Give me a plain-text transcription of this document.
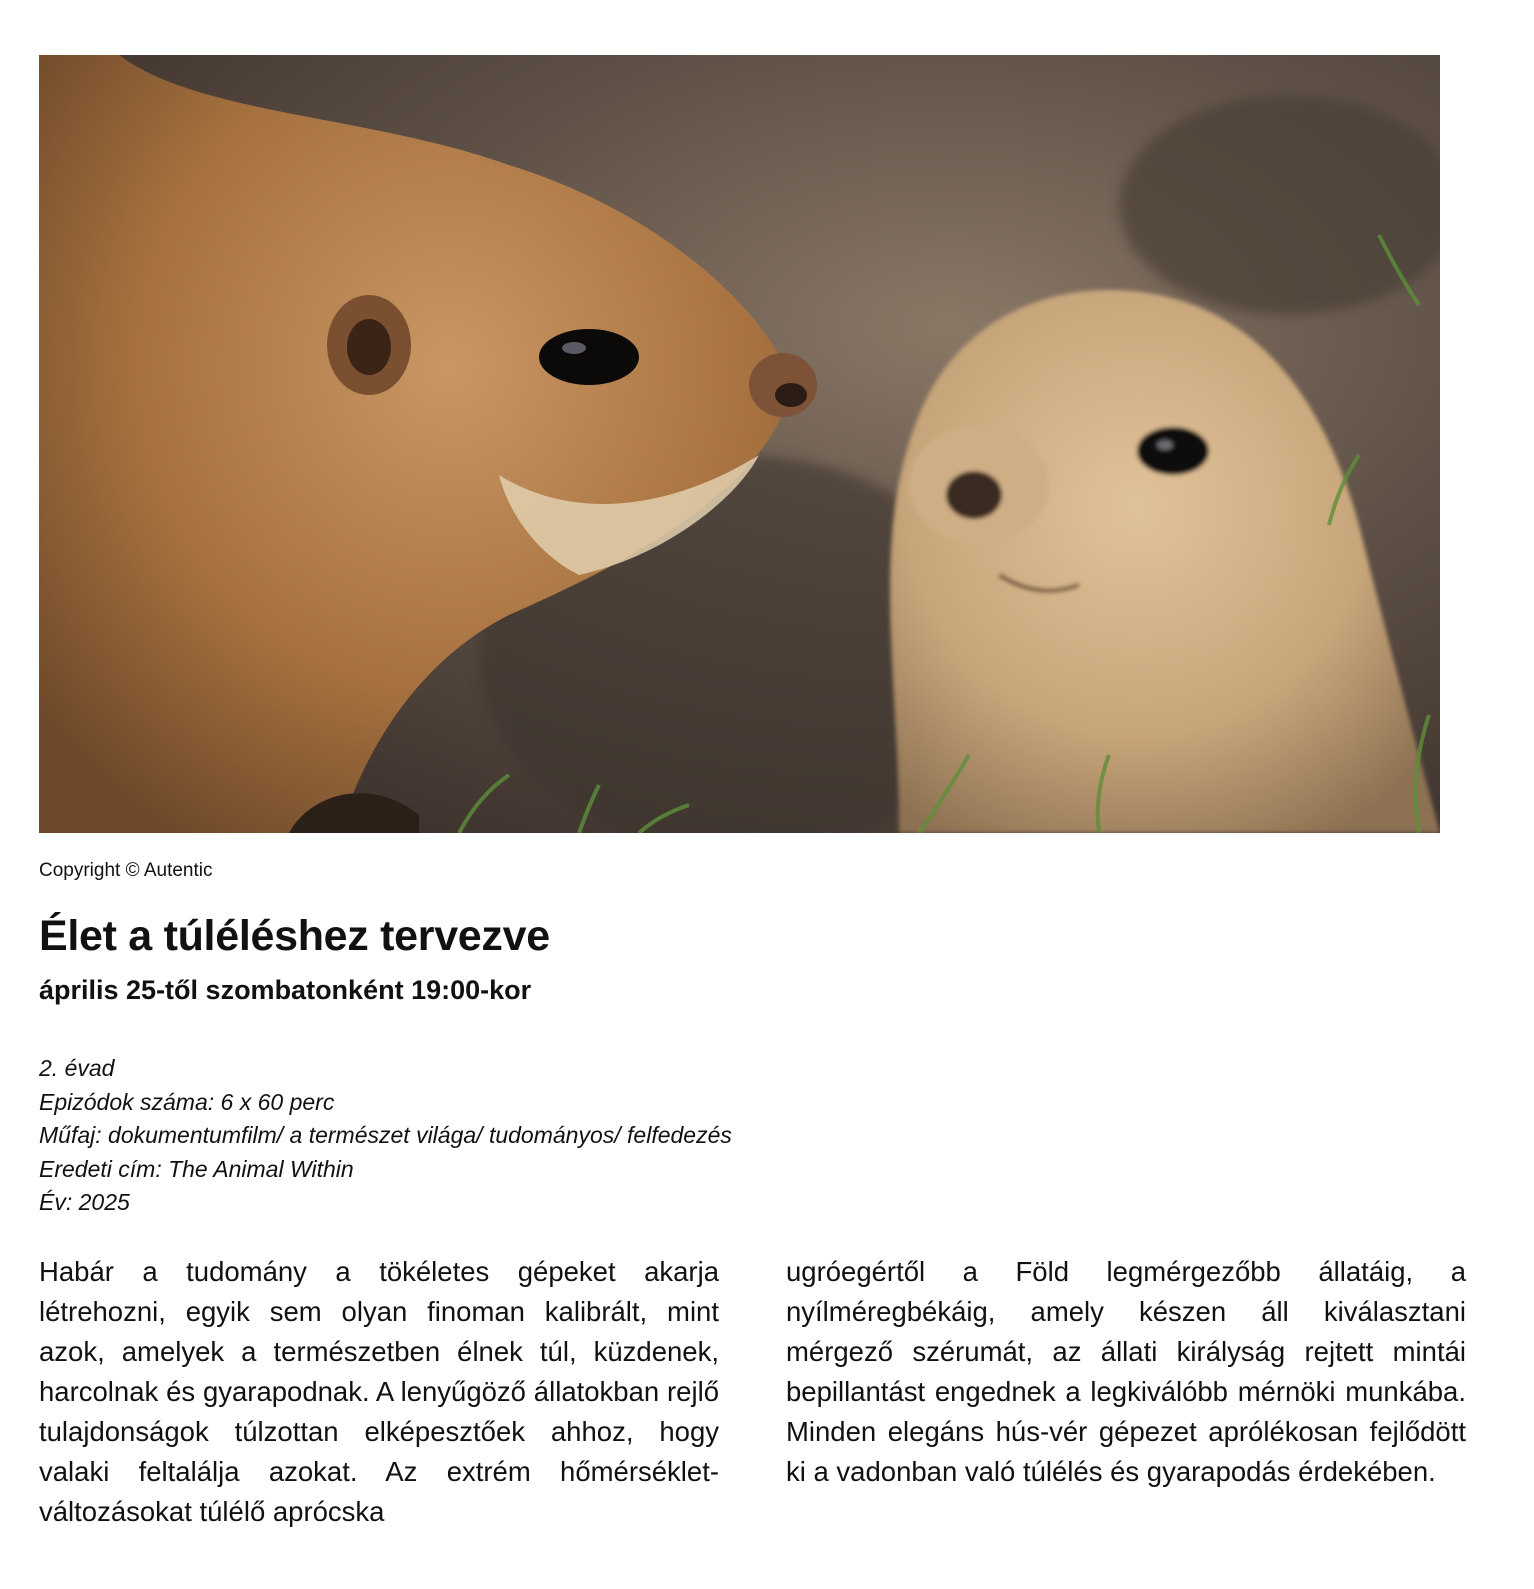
Copyright © Autentic
Élet a túléléshez tervezve
április 25-től szombatonként 19:00-kor
2. évad
Epizódok száma: 6 x 60 perc
Műfaj: dokumentumfilm/ a természet világa/ tudományos/ felfedezés
Eredeti cím: The Animal Within
Év: 2025
Habár a tudomány a tökéletes gépeket akarja létrehozni, egyik sem olyan finoman kalibrált, mint azok, amelyek a természetben élnek túl, küzdenek, harcolnak és gyarapodnak. A lenyűgöző állatokban rejlő tulajdonságok túlzottan elképesztőek ahhoz, hogy valaki feltalálja azokat. Az extrém hőmérséklet-változásokat túlélő aprócska
ugróegértől a Föld legmérgezőbb állatáig, a nyílméregbékáig, amely készen áll kiválasztani mérgező szérumát, az állati királyság rejtett mintái bepillantást engednek a legkiválóbb mérnöki munkába. Minden elegáns hús-vér gépezet aprólékosan fejlődött ki a vadonban való túlélés és gyarapodás érdekében.
